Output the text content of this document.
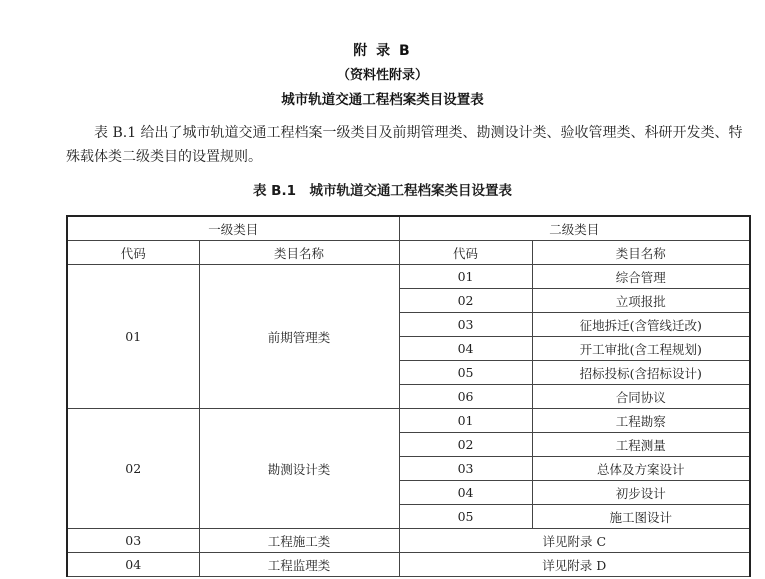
附 录 B
（资料性附录）
城市轨道交通工程档案类目设置表

表 B.1 给出了城市轨道交通工程档案一级类目及前期管理类、勘测设计类、验收管理类、科研开发类、特殊载体类二级类目的设置规则。

表 B.1　城市轨道交通工程档案类目设置表
一级类目		二级类目	
代码	类目名称	代码	类目名称
01	前期管理类	01	综合管理
		02	立项报批
		03	征地拆迁(含管线迁改)
		04	开工审批(含工程规划)
		05	招标投标(含招标设计)
		06	合同协议
02	勘测设计类	01	工程勘察
		02	工程测量
		03	总体及方案设计
		04	初步设计
		05	施工图设计
03	工程施工类	详见附录 C	
04	工程监理类	详见附录 D	
